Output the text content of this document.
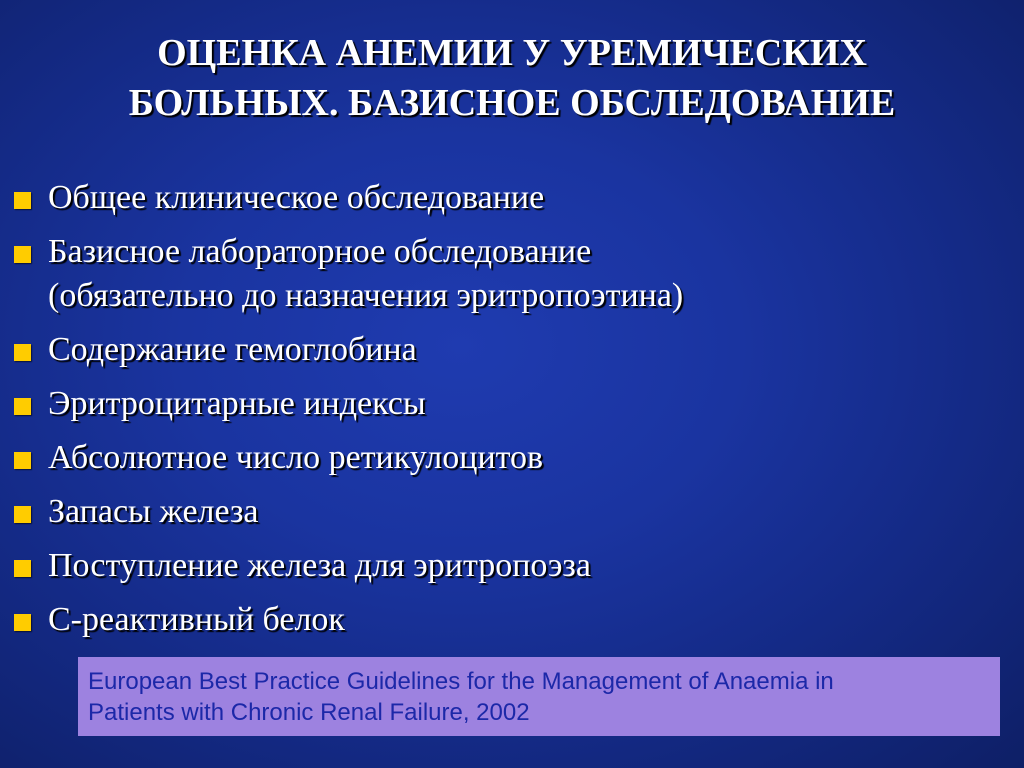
ОЦЕНКА АНЕМИИ У УРЕМИЧЕСКИХ
БОЛЬНЫХ. БАЗИСНОЕ ОБСЛЕДОВАНИЕ
Общее клиническое обследование
Базисное лабораторное обследование
(обязательно до назначения эритропоэтина)
Содержание гемоглобина
Эритроцитарные индексы
Абсолютное число ретикулоцитов
Запасы железа
Поступление железа для эритропоэза
С-реактивный белок
European Best Practice Guidelines for the Management of Anaemia in
Patients with Chronic Renal Failure, 2002
